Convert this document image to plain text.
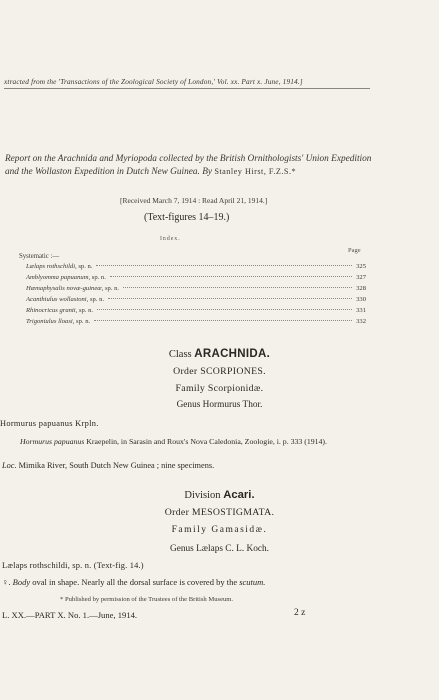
xtracted from the 'Transactions of the Zoological Society of London,' Vol. xx. Part x. June, 1914.]
Report on the Arachnida and Myriopoda collected by the British Ornithologists' Union Expedition and the Wollaston Expedition in Dutch New Guinea. By Stanley Hirst, F.Z.S.*
[Received March 7, 1914 : Read April 21, 1914.]
(Text-figures 14–19.)
Index.
Page
Systematic :—
Lælaps rothschildi, sp. n.	325
Amblyomma papuanum, sp. n.	327
Hæmaphysalis novæ-guineæ, sp. n.	328
Acanthiulus wollastoni, sp. n.	330
Rhinocricus granti, sp. n.	331
Trigoniulus lloasi, sp. n.	332
Class ARACHNIDA.
Order SCORPIONES.
Family Scorpionidæ.
Genus Hormurus Thor.
Hormurus papuanus Krpln.
Hormurus papuanus Kraepelin, in Sarasin and Roux's Nova Caledonia, Zoologie, i. p. 333 (1914).
Loc. Mimika River, South Dutch New Guinea ; nine specimens.
Division Acari.
Order MESOSTIGMATA.
Family Gamasidæ.
Genus Lælaps C. L. Koch.
Lælaps rothschildi, sp. n. (Text-fig. 14.)
♀. Body oval in shape. Nearly all the dorsal surface is covered by the scutum.
* Published by permission of the Trustees of the British Museum.
L. XX.—PART X. No. 1.—June, 1914.	2 z
